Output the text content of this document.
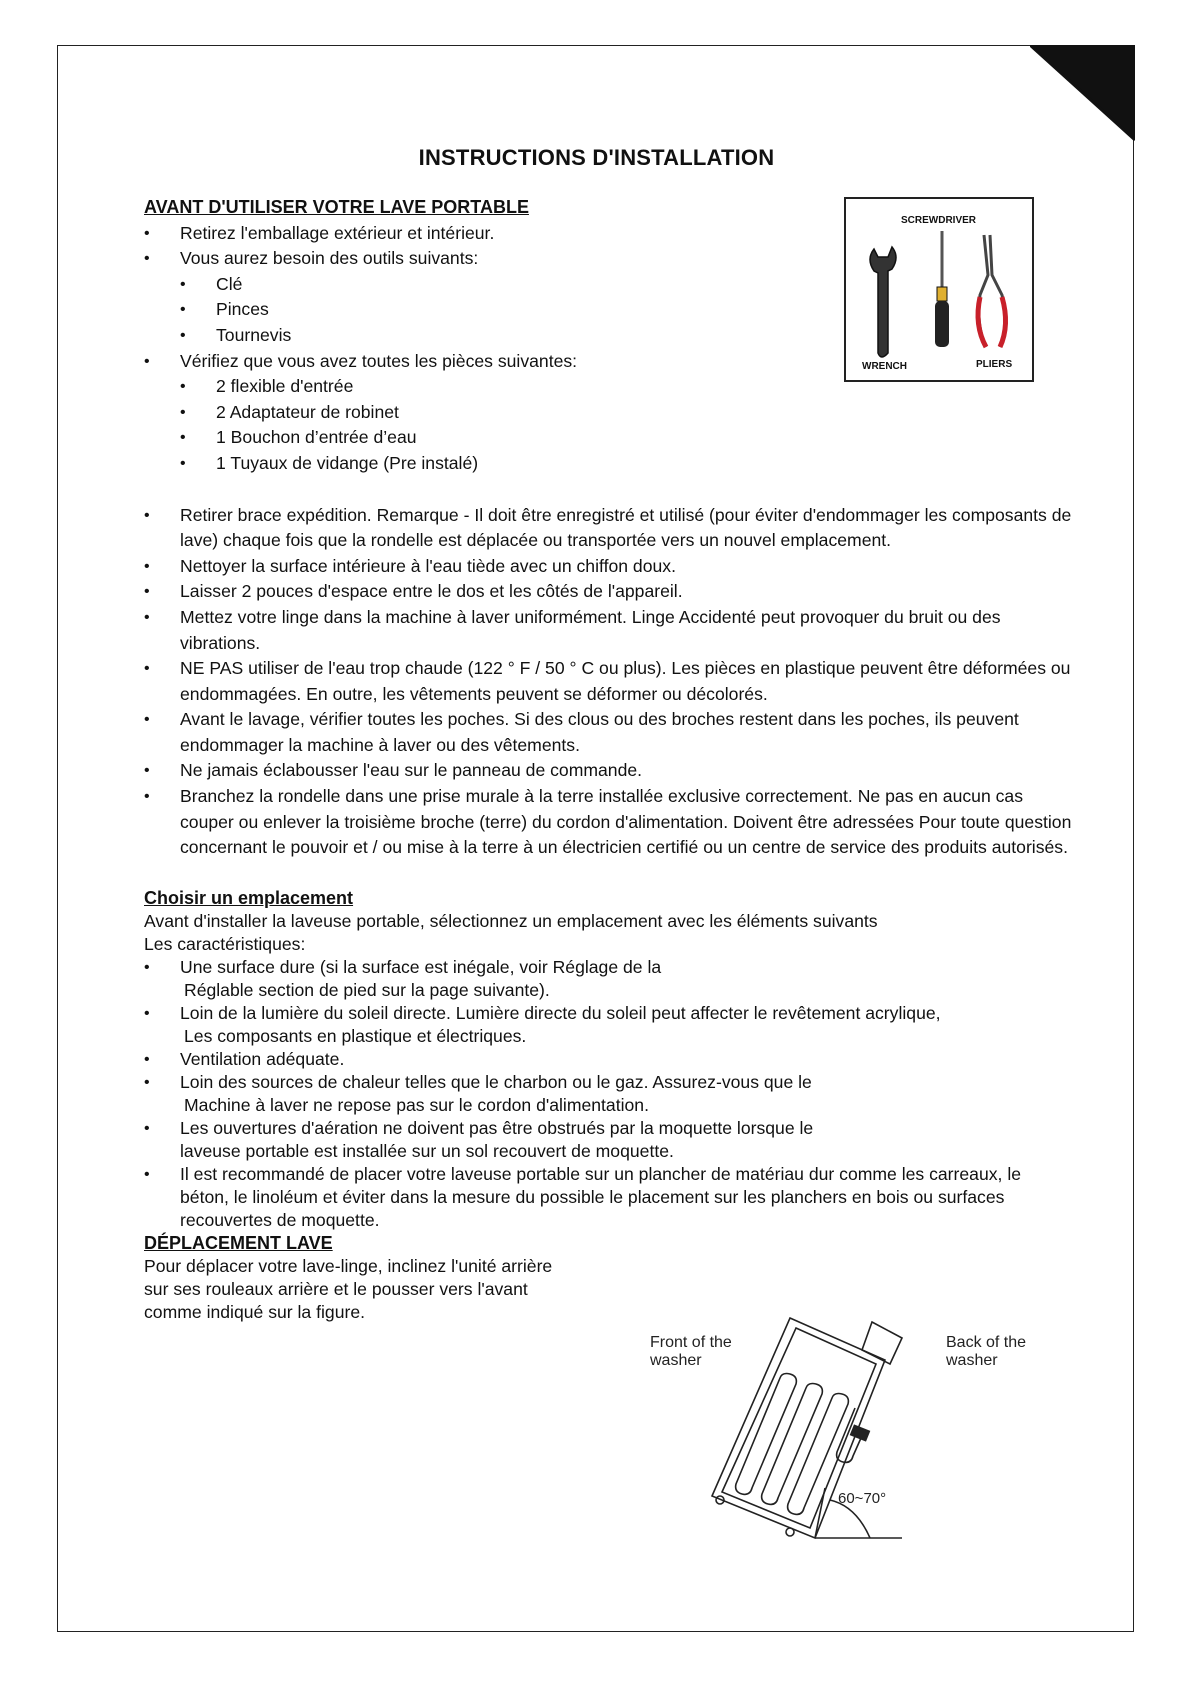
INSTRUCTIONS D'INSTALLATION
SCREWDRIVER
WRENCH	PLIERS
AVANT D'UTILISER VOTRE LAVE PORTABLE
• Retirez l'emballage extérieur et intérieur.
• Vous aurez besoin des outils suivants:
• Clé
• Pinces
• Tournevis
• Vérifiez que vous avez toutes les pièces suivantes:
• 2 flexible d'entrée
• 2 Adaptateur de robinet
• 1 Bouchon d’entrée d’eau
• 1 Tuyaux de vidange (Pre instalé)
• Retirer brace expédition. Remarque - Il doit être enregistré et utilisé (pour éviter d'endommager les composants de lave) chaque fois que la rondelle est déplacée ou transportée vers un nouvel emplacement.
• Nettoyer la surface intérieure à l'eau tiède avec un chiffon doux.
• Laisser 2 pouces d'espace entre le dos et les côtés de l'appareil.
• Mettez votre linge dans la machine à laver uniformément. Linge Accidenté peut provoquer du bruit ou des vibrations.
• NE PAS utiliser de l'eau trop chaude (122 ° F / 50 ° C ou plus). Les pièces en plastique peuvent être déformées ou endommagées. En outre, les vêtements peuvent se déformer ou décolorés.
• Avant le lavage, vérifier toutes les poches. Si des clous ou des broches restent dans les poches, ils peuvent endommager la machine à laver ou des vêtements.
• Ne jamais éclabousser l'eau sur le panneau de commande.
• Branchez la rondelle dans une prise murale à la terre installée exclusive correctement. Ne pas en aucun cas couper ou enlever la troisième broche (terre) du cordon d'alimentation. Doivent être adressées Pour toute question concernant le pouvoir et / ou mise à la terre à un électricien certifié ou un centre de service des produits autorisés.
Choisir un emplacement
Avant d'installer la laveuse portable, sélectionnez un emplacement avec les éléments suivants
Les caractéristiques:
• Une surface dure (si la surface est inégale, voir Réglage de la
Réglable section de pied sur la page suivante).
• Loin de la lumière du soleil directe. Lumière directe du soleil peut affecter le revêtement acrylique,
Les composants en plastique et électriques.
• Ventilation adéquate.
• Loin des sources de chaleur telles que le charbon ou le gaz. Assurez-vous que le
Machine à laver ne repose pas sur le cordon d'alimentation.
• Les ouvertures d'aération ne doivent pas être obstrués par la moquette lorsque le
laveuse portable est installée sur un sol recouvert de moquette.
• Il est recommandé de placer votre laveuse portable sur un plancher de matériau dur comme les carreaux, le béton, le linoléum et éviter dans la mesure du possible le placement sur les planchers en bois ou surfaces recouvertes de moquette.
DÉPLACEMENT LAVE
Pour déplacer votre lave-linge, inclinez l'unité arrière
sur ses rouleaux arrière et le pousser vers l'avant
comme indiqué sur la figure.
Front of the
washer
Back of the
washer
60~70°
